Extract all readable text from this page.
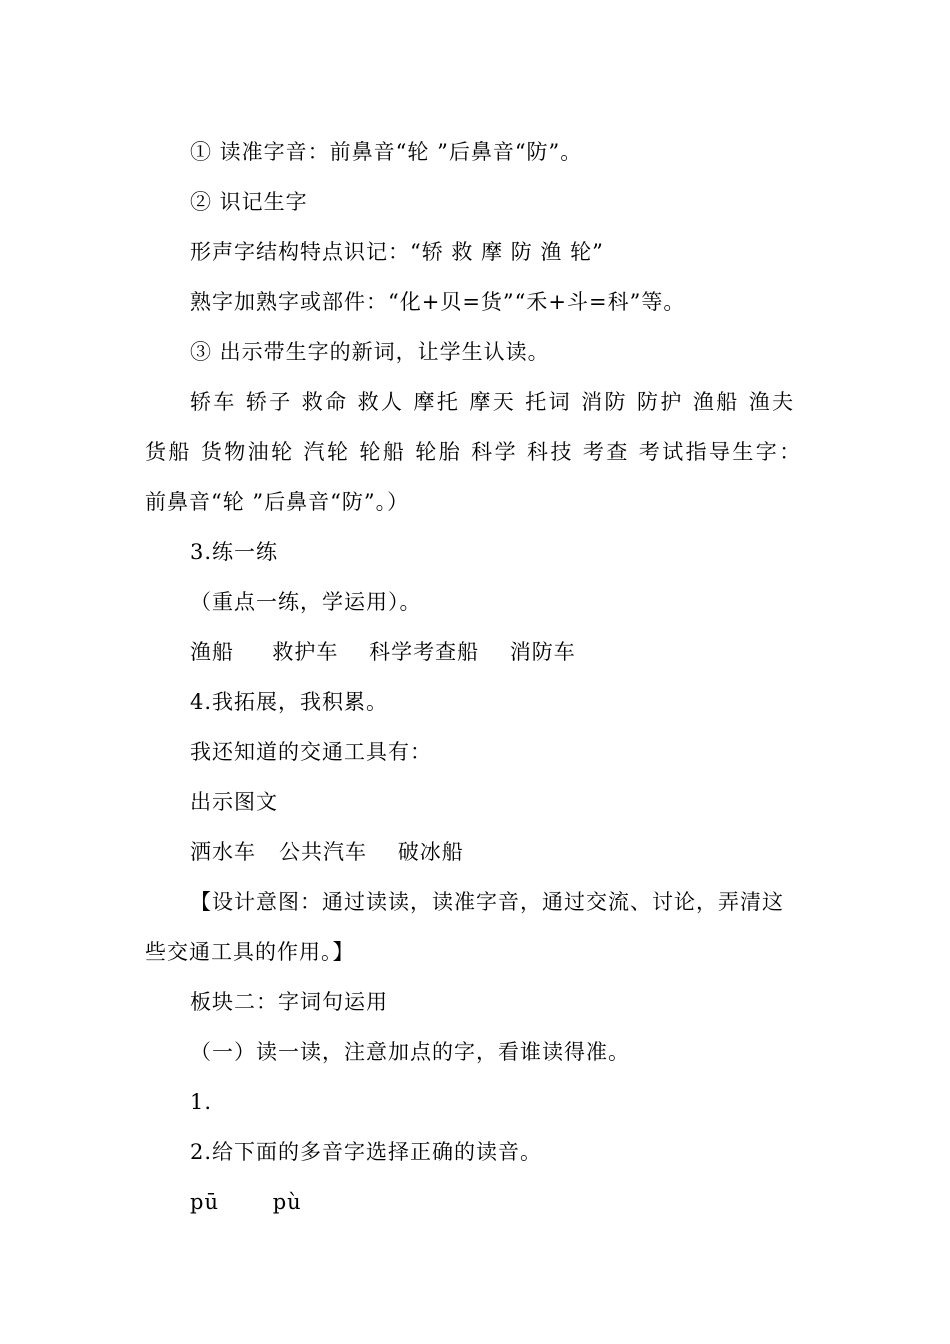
① 读准字音：前鼻音“轮 ”后鼻音“防”。
② 识记生字
形声字结构特点识记：“轿 救 摩 防 渔 轮”
熟字加熟字或部件：“化+贝=货”“禾+斗=科”等。
③ 出示带生字的新词，让学生认读。
轿车 轿子 救命 救人 摩托 摩天 托词 消防 防护 渔船 渔夫
货船 货物油轮 汽轮 轮船 轮胎 科学 科技 考查 考试指导生字：
前鼻音“轮 ”后鼻音“防”。）
3.练一练
（重点一练，学运用）。
渔船     救护车    科学考查船    消防车
4.我拓展，我积累。
我还知道的交通工具有：
出示图文
洒水车   公共汽车    破冰船
【设计意图：通过读读，读准字音，通过交流、讨论，弄清这
些交通工具的作用。】
板块二：字词句运用
（一）读一读，注意加点的字，看谁读得准。
1.
2.给下面的多音字选择正确的读音。
pū       pù
